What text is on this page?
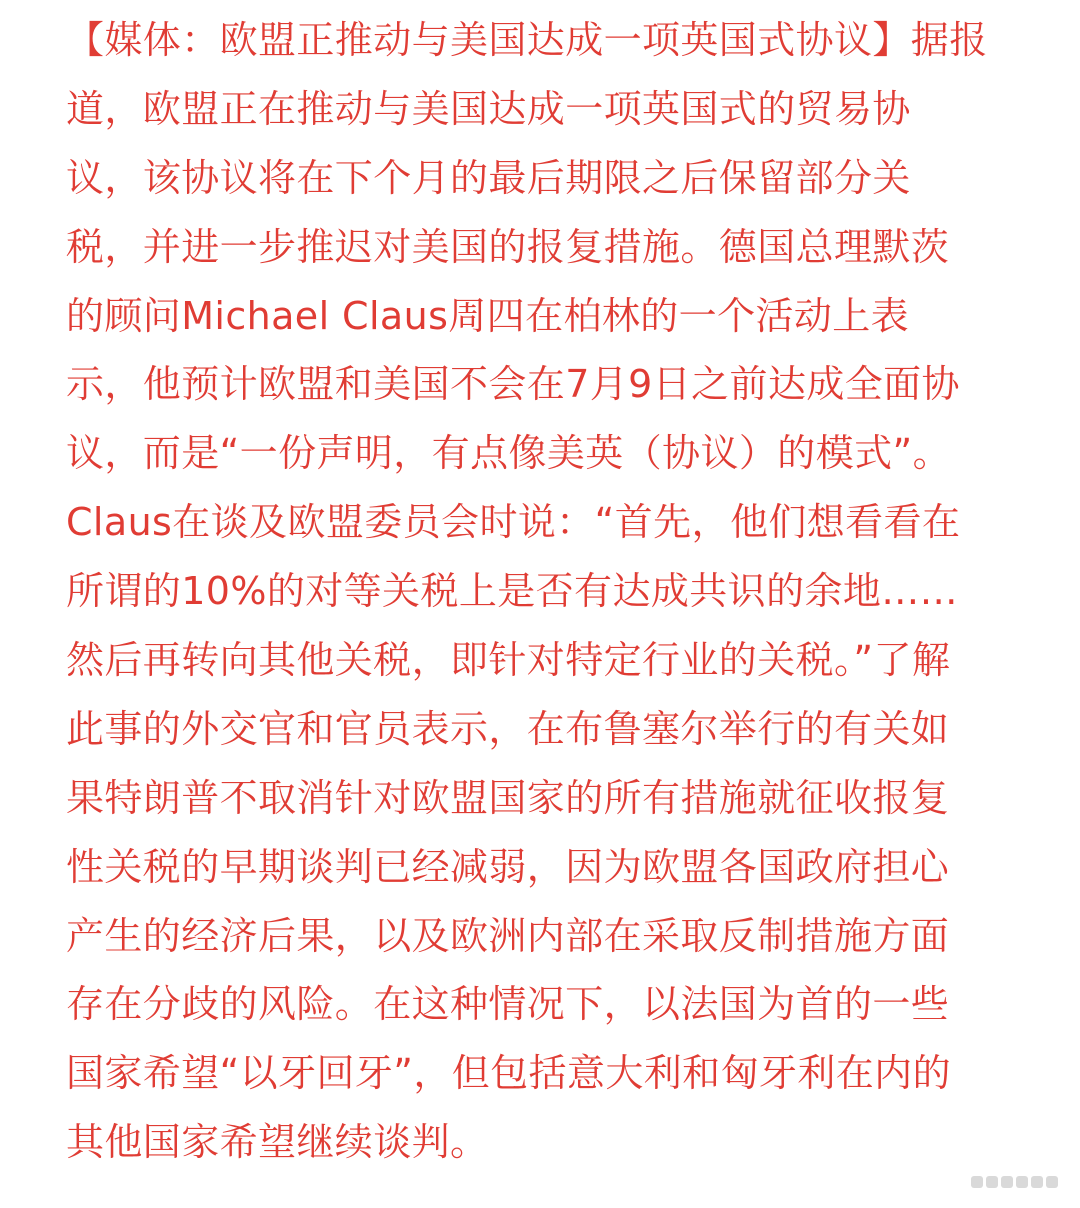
【媒体：欧盟正推动与美国达成一项英国式协议】据报
道，欧盟正在推动与美国达成一项英国式的贸易协
议，该协议将在下个月的最后期限之后保留部分关
税，并进一步推迟对美国的报复措施。德国总理默茨
的顾问Michael Claus周四在柏林的一个活动上表
示，他预计欧盟和美国不会在7月9日之前达成全面协
议，而是“一份声明，有点像美英（协议）的模式”。
Claus在谈及欧盟委员会时说：“首先，他们想看看在
所谓的10%的对等关税上是否有达成共识的余地……
然后再转向其他关税，即针对特定行业的关税。”了解
此事的外交官和官员表示，在布鲁塞尔举行的有关如
果特朗普不取消针对欧盟国家的所有措施就征收报复
性关税的早期谈判已经减弱，因为欧盟各国政府担心
产生的经济后果，以及欧洲内部在采取反制措施方面
存在分歧的风险。在这种情况下，以法国为首的一些
国家希望“以牙回牙”，但包括意大利和匈牙利在内的
其他国家希望继续谈判。
